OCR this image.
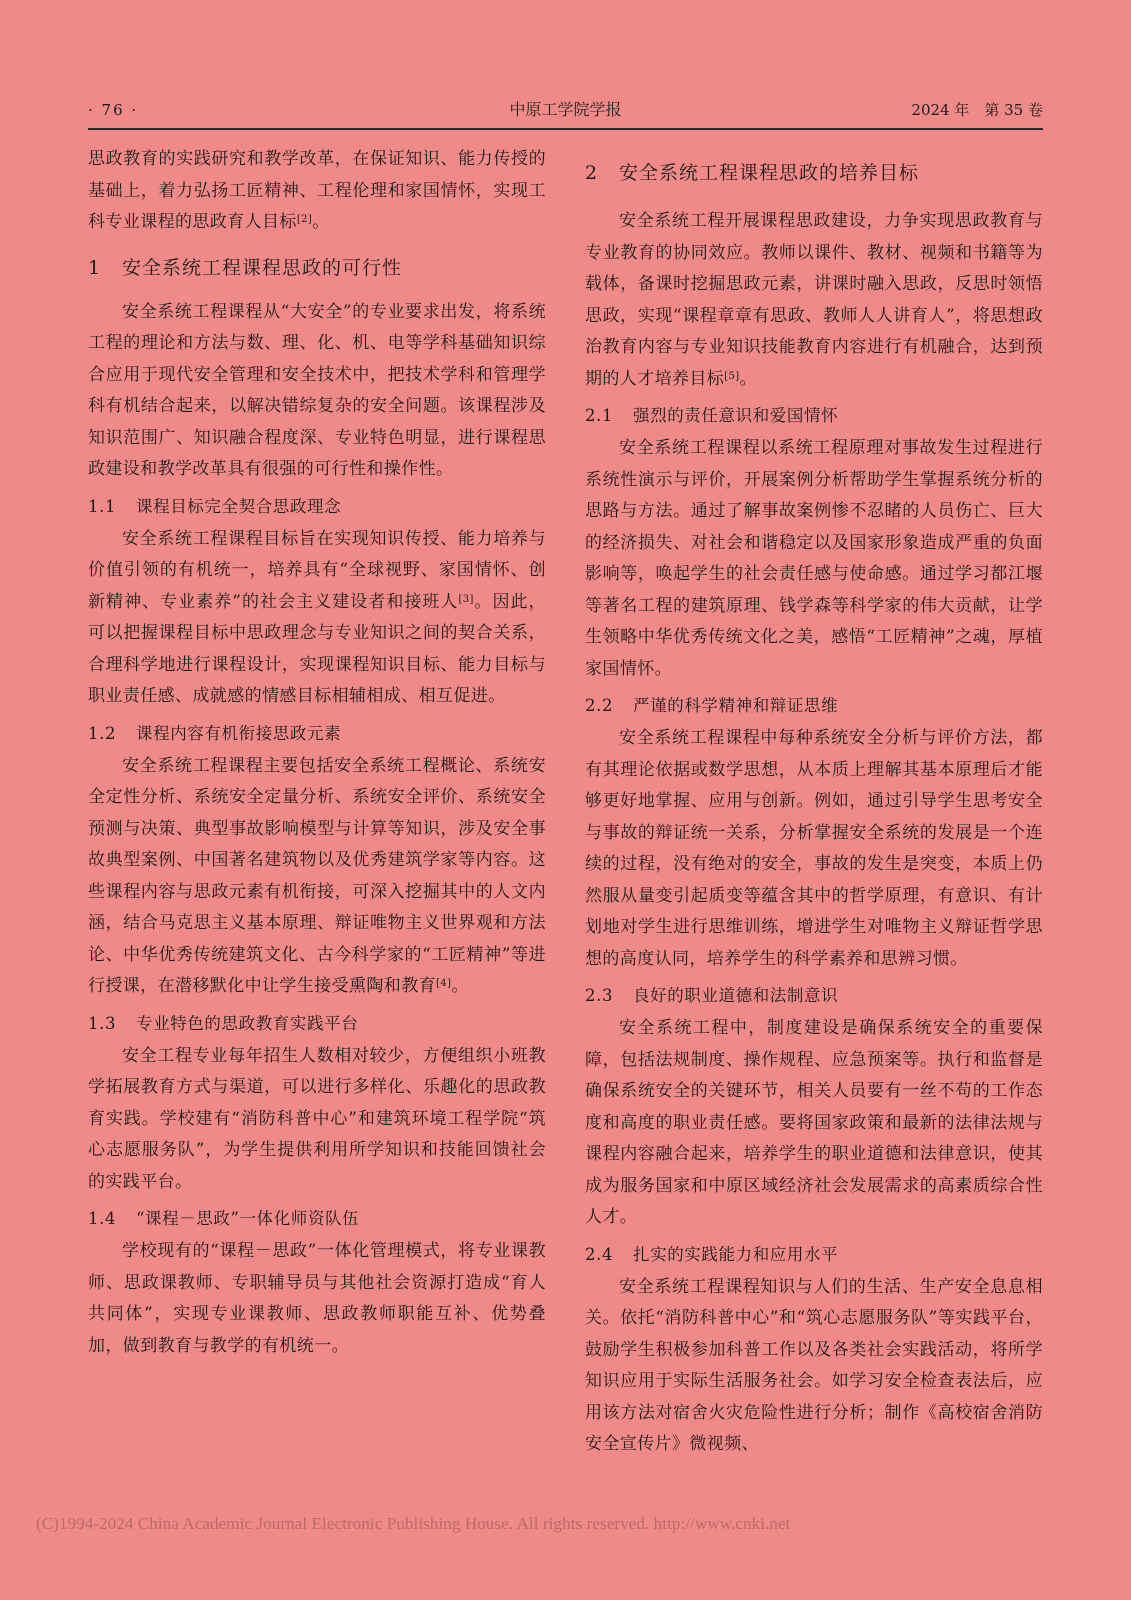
· 76 ·	中原工学院学报	2024 年　第 35 卷

思政教育的实践研究和教学改革，在保证知识、能力传授的基础上，着力弘扬工匠精神、工程伦理和家国情怀，实现工科专业课程的思政育人目标[2]。

1 安全系统工程课程思政的可行性

安全系统工程课程从“大安全”的专业要求出发，将系统工程的理论和方法与数、理、化、机、电等学科基础知识综合应用于现代安全管理和安全技术中，把技术学科和管理学科有机结合起来，以解决错综复杂的安全问题。该课程涉及知识范围广、知识融合程度深、专业特色明显，进行课程思政建设和教学改革具有很强的可行性和操作性。

1.1 课程目标完全契合思政理念

安全系统工程课程目标旨在实现知识传授、能力培养与价值引领的有机统一，培养具有“全球视野、家国情怀、创新精神、专业素养”的社会主义建设者和接班人[3]。因此，可以把握课程目标中思政理念与专业知识之间的契合关系，合理科学地进行课程设计，实现课程知识目标、能力目标与职业责任感、成就感的情感目标相辅相成、相互促进。

1.2 课程内容有机衔接思政元素

安全系统工程课程主要包括安全系统工程概论、系统安全定性分析、系统安全定量分析、系统安全评价、系统安全预测与决策、典型事故影响模型与计算等知识，涉及安全事故典型案例、中国著名建筑物以及优秀建筑学家等内容。这些课程内容与思政元素有机衔接，可深入挖掘其中的人文内涵，结合马克思主义基本原理、辩证唯物主义世界观和方法论、中华优秀传统建筑文化、古今科学家的“工匠精神”等进行授课，在潜移默化中让学生接受熏陶和教育[4]。

1.3 专业特色的思政教育实践平台

安全工程专业每年招生人数相对较少，方便组织小班教学拓展教育方式与渠道，可以进行多样化、乐趣化的思政教育实践。学校建有“消防科普中心”和建筑环境工程学院“筑心志愿服务队”，为学生提供利用所学知识和技能回馈社会的实践平台。

1.4 “课程－思政”一体化师资队伍

学校现有的“课程－思政”一体化管理模式，将专业课教师、思政课教师、专职辅导员与其他社会资源打造成“育人共同体”，实现专业课教师、思政教师职能互补、优势叠加，做到教育与教学的有机统一。

2 安全系统工程课程思政的培养目标

安全系统工程开展课程思政建设，力争实现思政教育与专业教育的协同效应。教师以课件、教材、视频和书籍等为载体，备课时挖掘思政元素，讲课时融入思政，反思时领悟思政，实现“课程章章有思政、教师人人讲育人”，将思想政治教育内容与专业知识技能教育内容进行有机融合，达到预期的人才培养目标[5]。

2.1 强烈的责任意识和爱国情怀

安全系统工程课程以系统工程原理对事故发生过程进行系统性演示与评价，开展案例分析帮助学生掌握系统分析的思路与方法。通过了解事故案例惨不忍睹的人员伤亡、巨大的经济损失、对社会和谐稳定以及国家形象造成严重的负面影响等，唤起学生的社会责任感与使命感。通过学习都江堰等著名工程的建筑原理、钱学森等科学家的伟大贡献，让学生领略中华优秀传统文化之美，感悟“工匠精神”之魂，厚植家国情怀。

2.2 严谨的科学精神和辩证思维

安全系统工程课程中每种系统安全分析与评价方法，都有其理论依据或数学思想，从本质上理解其基本原理后才能够更好地掌握、应用与创新。例如，通过引导学生思考安全与事故的辩证统一关系，分析掌握安全系统的发展是一个连续的过程，没有绝对的安全，事故的发生是突变，本质上仍然服从量变引起质变等蕴含其中的哲学原理，有意识、有计划地对学生进行思维训练，增进学生对唯物主义辩证哲学思想的高度认同，培养学生的科学素养和思辨习惯。

2.3 良好的职业道德和法制意识

安全系统工程中，制度建设是确保系统安全的重要保障，包括法规制度、操作规程、应急预案等。执行和监督是确保系统安全的关键环节，相关人员要有一丝不苟的工作态度和高度的职业责任感。要将国家政策和最新的法律法规与课程内容融合起来，培养学生的职业道德和法律意识，使其成为服务国家和中原区域经济社会发展需求的高素质综合性人才。

2.4 扎实的实践能力和应用水平

安全系统工程课程知识与人们的生活、生产安全息息相关。依托“消防科普中心”和“筑心志愿服务队”等实践平台，鼓励学生积极参加科普工作以及各类社会实践活动，将所学知识应用于实际生活服务社会。如学习安全检查表法后，应用该方法对宿舍火灾危险性进行分析；制作《高校宿舍消防安全宣传片》微视频、

(C)1994-2024 China Academic Journal Electronic Publishing House. All rights reserved. http://www.cnki.net
